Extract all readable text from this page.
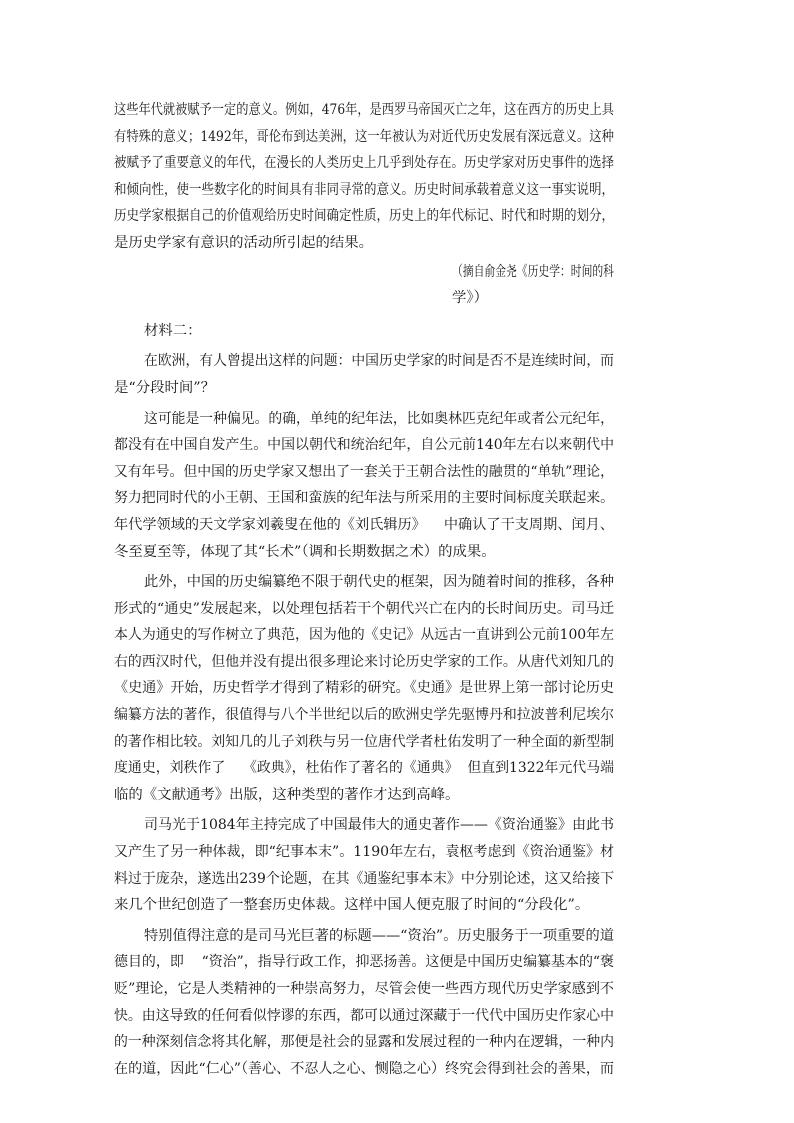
这些年代就被赋予一定的意义。例如，476年，是西罗马帝国灭亡之年，这在西方的历史上具
有特殊的意义；1492年，哥伦布到达美洲，这一年被认为对近代历史发展有深远意义。这种
被赋予了重要意义的年代，在漫长的人类历史上几乎到处存在。历史学家对历史事件的选择
和倾向性，使一些数字化的时间具有非同寻常的意义。历史时间承载着意义这一事实说明，
历史学家根据自己的价值观给历史时间确定性质，历史上的年代标记、时代和时期的划分，
是历史学家有意识的活动所引起的结果。
（摘自俞金尧《历史学：时间的科
学》）
材料二：
在欧洲，有人曾提出这样的问题：中国历史学家的时间是否不是连续时间，而
是“分段时间”？
这可能是一种偏见。的确，单纯的纪年法，比如奥林匹克纪年或者公元纪年，
都没有在中国自发产生。中国以朝代和统治纪年，自公元前140年左右以来朝代中
又有年号。但中国的历史学家又想出了一套关于王朝合法性的融贯的“单轨”理论，
努力把同时代的小王朝、王国和蛮族的纪年法与所采用的主要时间标度关联起来。
年代学领域的天文学家刘羲叟在他的《刘氏辑历》    中确认了干支周期、闰月、
冬至夏至等，体现了其“长术”（调和长期数据之术）的成果。
此外，中国的历史编纂绝不限于朝代史的框架，因为随着时间的推移，各种
形式的“通史”发展起来，以处理包括若干个朝代兴亡在内的长时间历史。司马迁
本人为通史的写作树立了典范，因为他的《史记》从远古一直讲到公元前100年左
右的西汉时代，但他并没有提出很多理论来讨论历史学家的工作。从唐代刘知几的
《史通》开始，历史哲学才得到了精彩的研究。《史通》是世界上第一部讨论历史
编纂方法的著作，很值得与八个半世纪以后的欧洲史学先驱博丹和拉波普利尼埃尔
的著作相比较。刘知几的儿子刘秩与另一位唐代学者杜佑发明了一种全面的新型制
度通史，刘秩作了    《政典》，杜佑作了著名的《通典》  但直到1322年元代马端
临的《文献通考》出版，这种类型的著作才达到高峰。
司马光于1084年主持完成了中国最伟大的通史著作——《资治通鉴》由此书
又产生了另一种体裁，即“纪事本末”。1190年左右，袁枢考虑到《资治通鉴》材
料过于庞杂，遂选出239个论题，在其《通鉴纪事本末》中分别论述，这又给接下
来几个世纪创造了一整套历史体裁。这样中国人便克服了时间的“分段化”。
特别值得注意的是司马光巨著的标题——“资治”。历史服务于一项重要的道
德目的，即    “资治”，指导行政工作，抑恶扬善。这便是中国历史编纂基本的“褒
贬”理论，它是人类精神的一种崇高努力，尽管会使一些西方现代历史学家感到不
快。由这导致的任何看似悖谬的东西，都可以通过深藏于一代代中国历史作家心中
的一种深刻信念将其化解，那便是社会的显露和发展过程的一种内在逻辑，一种内
在的道，因此“仁心”（善心、不忍人之心、恻隐之心）终究会得到社会的善果，而
